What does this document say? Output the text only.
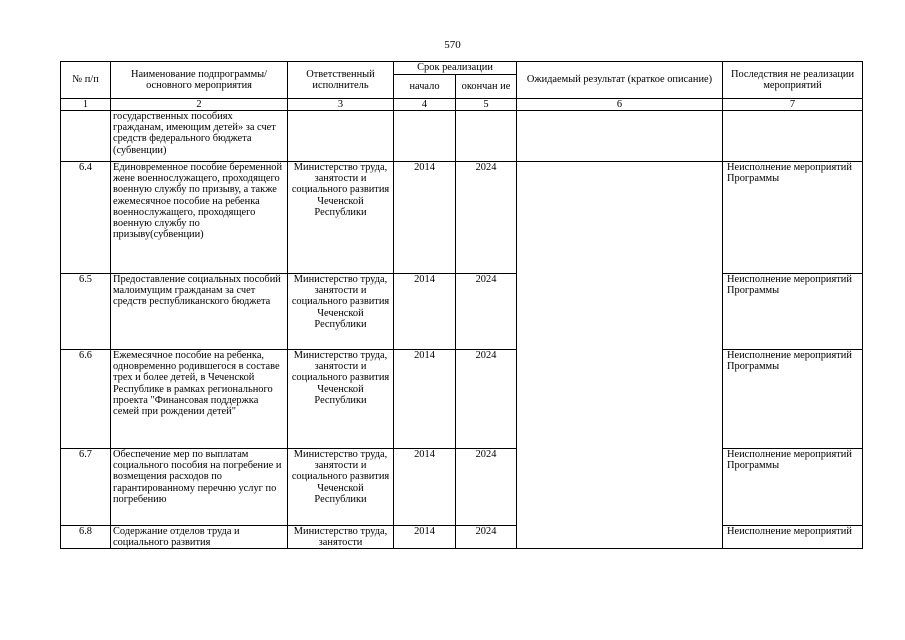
570
№ п/п	Наименование подпрограммы/ основного мероприятия	Ответственный исполнитель	Срок реализации		Ожидаемый результат (краткое описание)	Последствия не реализации мероприятий
			начало	окончан ие		
1	2	3	4	5	6	7
	государственных пособиях гражданам, имеющим детей» за счет средств федерального бюджета (субвенции)					
6.4	Единовременное пособие беременной жене военнослужащего, проходящего военную службу по призыву, а также ежемесячное пособие на ребенка военнослужащего, проходящего военную службу по призыву(субвенции)	Министерство труда, занятости и социального развития Чеченской Республики	2014	2024		Неисполнение мероприятий Программы
6.5	Предоставление социальных пособий малоимущим гражданам за счет средств республиканского бюджета	Министерство труда, занятости и социального развития Чеченской Республики	2014	2024		Неисполнение мероприятий Программы
6.6	Ежемесячное пособие на ребенка, одновременно родившегося в составе трех и более детей, в Чеченской Республике в рамках регионального проекта "Финансовая поддержка семей при рождении детей"	Министерство труда, занятости и социального развития Чеченской Республики	2014	2024		Неисполнение мероприятий Программы
6.7	Обеспечение мер по выплатам социального пособия на погребение и возмещения расходов по гарантированному перечню услуг по погребению	Министерство труда, занятости и социального развития Чеченской Республики	2014	2024		Неисполнение мероприятий Программы
6.8	Содержание отделов труда и социального развития	Министерство труда, занятости	2014	2024		Неисполнение мероприятий
